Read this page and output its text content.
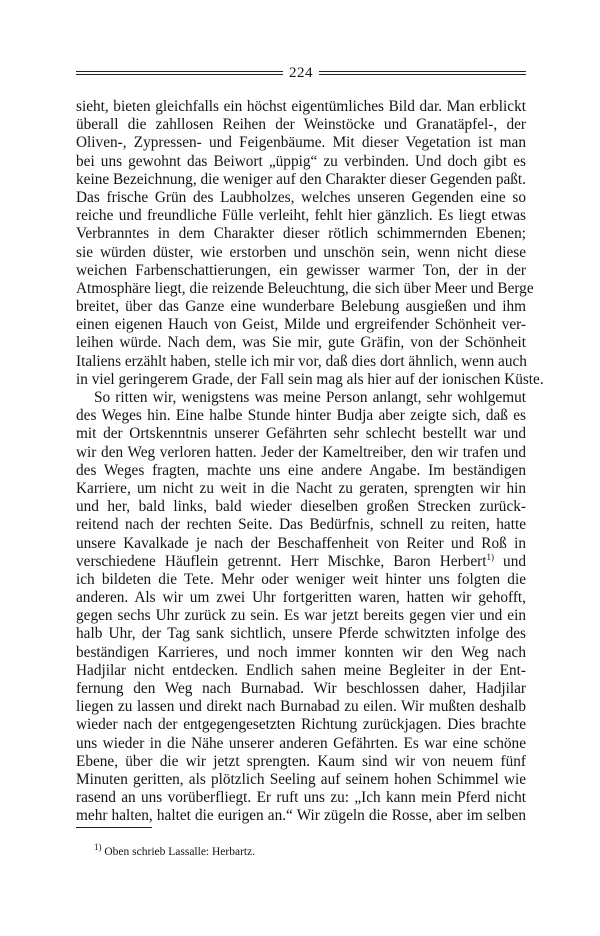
224
sieht, bieten gleichfalls ein höchst eigentümliches Bild dar. Man erblickt
überall die zahllosen Reihen der Weinstöcke und Granatäpfel-, der
Oliven-, Zypressen- und Feigenbäume. Mit dieser Vegetation ist man
bei uns gewohnt das Beiwort „üppig“ zu verbinden. Und doch gibt es
keine Bezeichnung, die weniger auf den Charakter dieser Gegenden paßt.
Das frische Grün des Laubholzes, welches unseren Gegenden eine so
reiche und freundliche Fülle verleiht, fehlt hier gänzlich. Es liegt etwas
Verbranntes in dem Charakter dieser rötlich schimmernden Ebenen;
sie würden düster, wie erstorben und unschön sein, wenn nicht diese
weichen Farbenschattierungen, ein gewisser warmer Ton, der in der
Atmosphäre liegt, die reizende Beleuchtung, die sich über Meer und Berge
breitet, über das Ganze eine wunderbare Belebung ausgießen und ihm
einen eigenen Hauch von Geist, Milde und ergreifender Schönheit ver-
leihen würde. Nach dem, was Sie mir, gute Gräfin, von der Schönheit
Italiens erzählt haben, stelle ich mir vor, daß dies dort ähnlich, wenn auch
in viel geringerem Grade, der Fall sein mag als hier auf der ionischen Küste.
So ritten wir, wenigstens was meine Person anlangt, sehr wohlgemut
des Weges hin. Eine halbe Stunde hinter Budja aber zeigte sich, daß es
mit der Ortskenntnis unserer Gefährten sehr schlecht bestellt war und
wir den Weg verloren hatten. Jeder der Kameltreiber, den wir trafen und
des Weges fragten, machte uns eine andere Angabe. Im beständigen
Karriere, um nicht zu weit in die Nacht zu geraten, sprengten wir hin
und her, bald links, bald wieder dieselben großen Strecken zurück-
reitend nach der rechten Seite. Das Bedürfnis, schnell zu reiten, hatte
unsere Kavalkade je nach der Beschaffenheit von Reiter und Roß in
verschiedene Häuflein getrennt. Herr Mischke, Baron Herbert$^{1)}$ und
ich bildeten die Tete. Mehr oder weniger weit hinter uns folgten die
anderen. Als wir um zwei Uhr fortgeritten waren, hatten wir gehofft,
gegen sechs Uhr zurück zu sein. Es war jetzt bereits gegen vier und ein
halb Uhr, der Tag sank sichtlich, unsere Pferde schwitzten infolge des
beständigen Karrieres, und noch immer konnten wir den Weg nach
Hadjilar nicht entdecken. Endlich sahen meine Begleiter in der Ent-
fernung den Weg nach Burnabad. Wir beschlossen daher, Hadjilar
liegen zu lassen und direkt nach Burnabad zu eilen. Wir mußten deshalb
wieder nach der entgegengesetzten Richtung zurückjagen. Dies brachte
uns wieder in die Nähe unserer anderen Gefährten. Es war eine schöne
Ebene, über die wir jetzt sprengten. Kaum sind wir von neuem fünf
Minuten geritten, als plötzlich Seeling auf seinem hohen Schimmel wie
rasend an uns vorüberfliegt. Er ruft uns zu: „Ich kann mein Pferd nicht
mehr halten, haltet die eurigen an.“ Wir zügeln die Rosse, aber im selben
$^{1)}$ Oben schrieb Lassalle: Herbartz.
